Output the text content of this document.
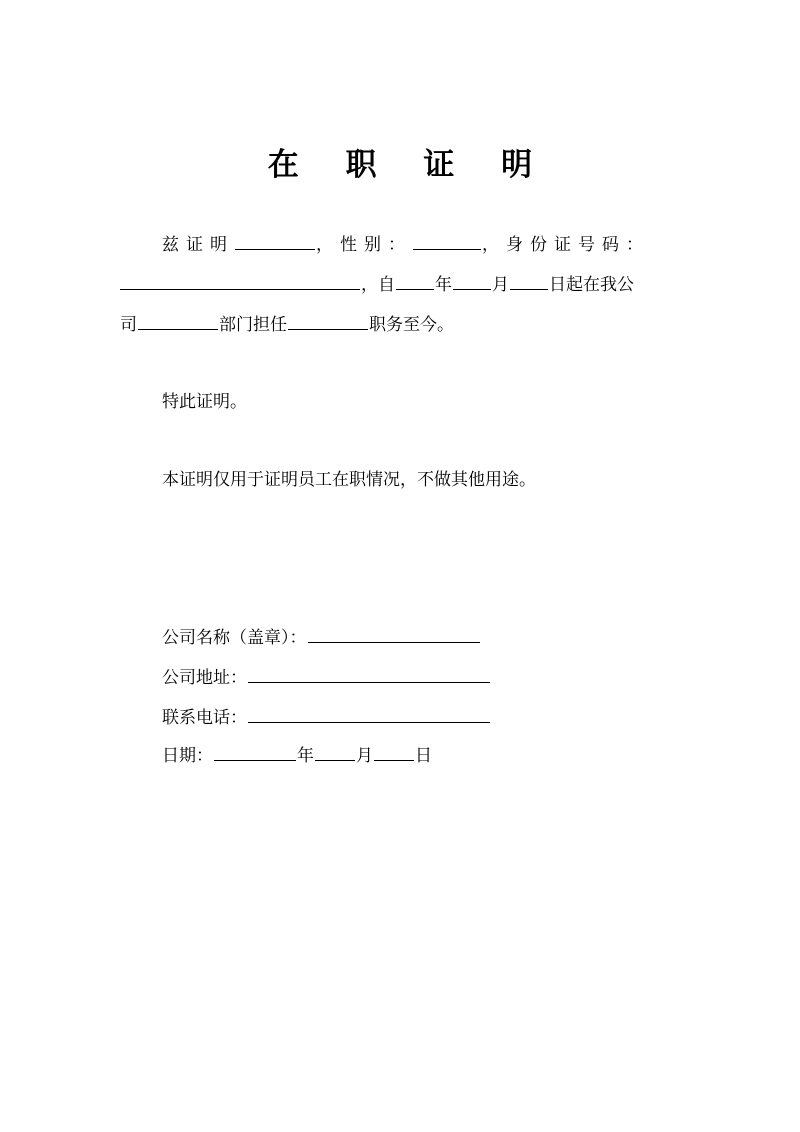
在 职 证 明
兹证明	，性别：	，身份证号码：
，自 年 月 日起在我公
司	部门担任	职务至今。
特此证明。
本证明仅用于证明员工在职情况，不做其他用途。
公司名称（盖章）：
公司地址：
联系电话：
日期：	年 月 日
